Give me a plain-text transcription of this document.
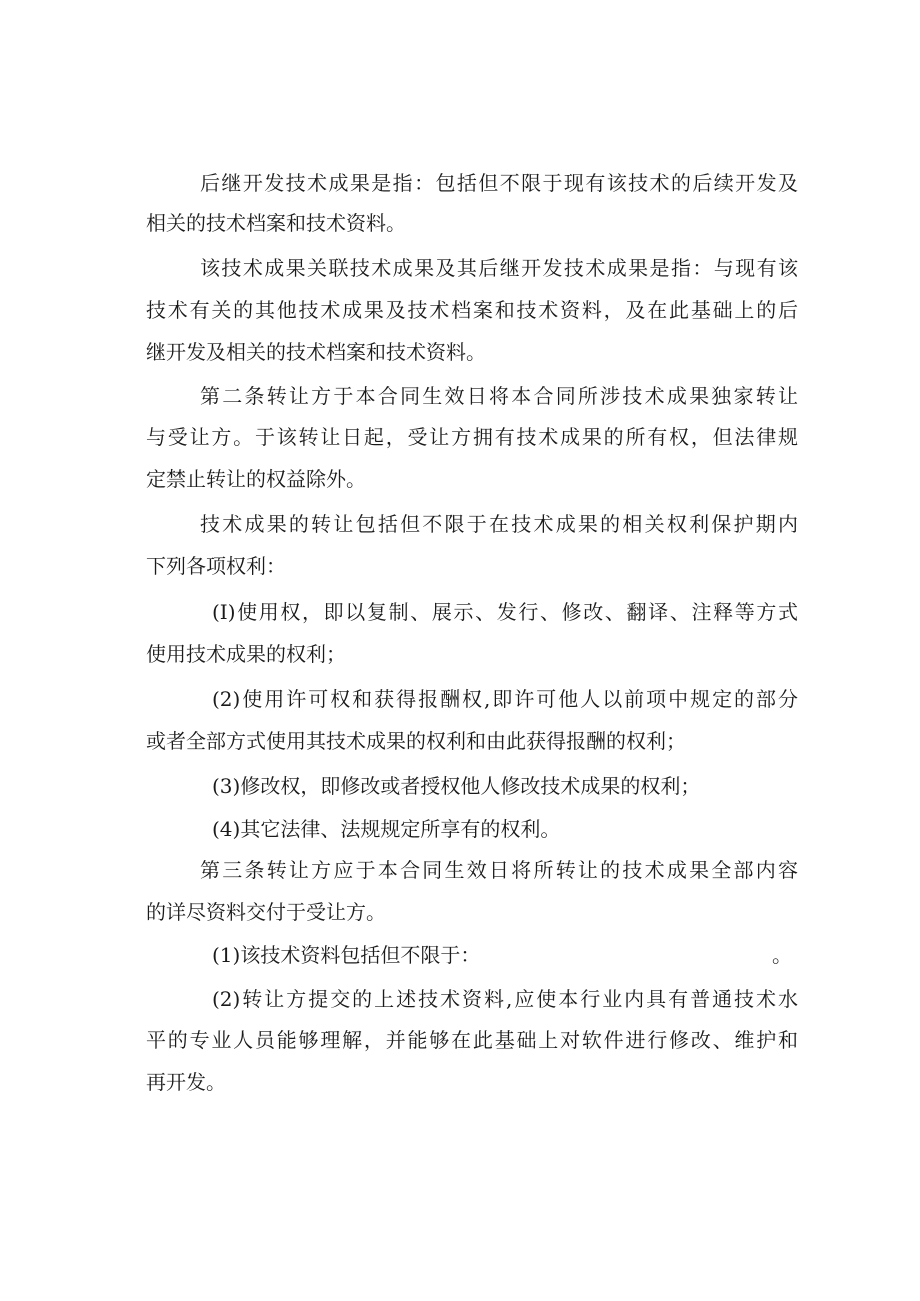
后继开发技术成果是指：包括但不限于现有该技术的后续开发及
相关的技术档案和技术资料。
该技术成果关联技术成果及其后继开发技术成果是指：与现有该
技术有关的其他技术成果及技术档案和技术资料，及在此基础上的后
继开发及相关的技术档案和技术资料。
第二条转让方于本合同生效日将本合同所涉技术成果独家转让
与受让方。于该转让日起，受让方拥有技术成果的所有权，但法律规
定禁止转让的权益除外。
技术成果的转让包括但不限于在技术成果的相关权利保护期内
下列各项权利：
(I)使用权，即以复制、展示、发行、修改、翻译、注释等方式
使用技术成果的权利；
(2)使用许可权和获得报酬权,即许可他人以前项中规定的部分
或者全部方式使用其技术成果的权利和由此获得报酬的权利；
(3)修改权，即修改或者授权他人修改技术成果的权利；
(4)其它法律、法规规定所享有的权利。
第三条转让方应于本合同生效日将所转让的技术成果全部内容
的详尽资料交付于受让方。
(1)该技术资料包括但不限于：	。
(2)转让方提交的上述技术资料,应使本行业内具有普通技术水
平的专业人员能够理解，并能够在此基础上对软件进行修改、维护和
再开发。
